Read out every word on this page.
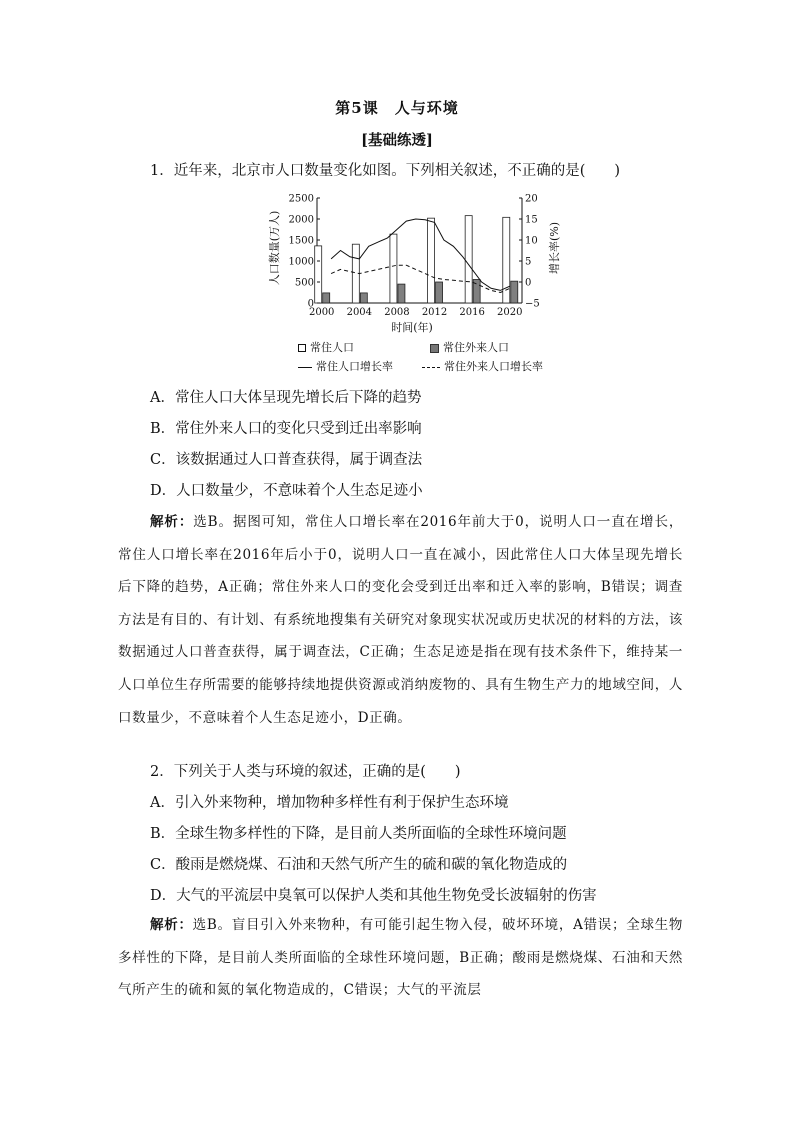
第5课　人与环境
[基础练透]
1．近年来，北京市人口数量变化如图。下列相关叙述，不正确的是(　　)
0
500
1000
1500
2000
2500
−5
0
5
10
15
20
2000 2004 2008 2012 2016 2020
时间(年)
人口数量(万人)	增长率(%)
常住人口	常住外来人口
常住人口增长率	常住外来人口增长率
A．常住人口大体呈现先增长后下降的趋势
B．常住外来人口的变化只受到迁出率影响
C．该数据通过人口普查获得，属于调查法
D．人口数量少，不意味着个人生态足迹小
解析：选B。据图可知，常住人口增长率在2016年前大于0，说明人口一直在增长，常住人口增长率在2016年后小于0，说明人口一直在减小，因此常住人口大体呈现先增长后下降的趋势，A正确；常住外来人口的变化会受到迁出率和迁入率的影响，B错误；调查方法是有目的、有计划、有系统地搜集有关研究对象现实状况或历史状况的材料的方法，该数据通过人口普查获得，属于调查法，C正确；生态足迹是指在现有技术条件下，维持某一人口单位生存所需要的能够持续地提供资源或消纳废物的、具有生物生产力的地域空间，人口数量少，不意味着个人生态足迹小，D正确。
2．下列关于人类与环境的叙述，正确的是(　　)
A．引入外来物种，增加物种多样性有利于保护生态环境
B．全球生物多样性的下降，是目前人类所面临的全球性环境问题
C．酸雨是燃烧煤、石油和天然气所产生的硫和碳的氧化物造成的
D．大气的平流层中臭氧可以保护人类和其他生物免受长波辐射的伤害
解析：选B。盲目引入外来物种，有可能引起生物入侵，破坏环境，A错误；全球生物多样性的下降，是目前人类所面临的全球性环境问题，B正确；酸雨是燃烧煤、石油和天然气所产生的硫和氮的氧化物造成的，C错误；大气的平流层
